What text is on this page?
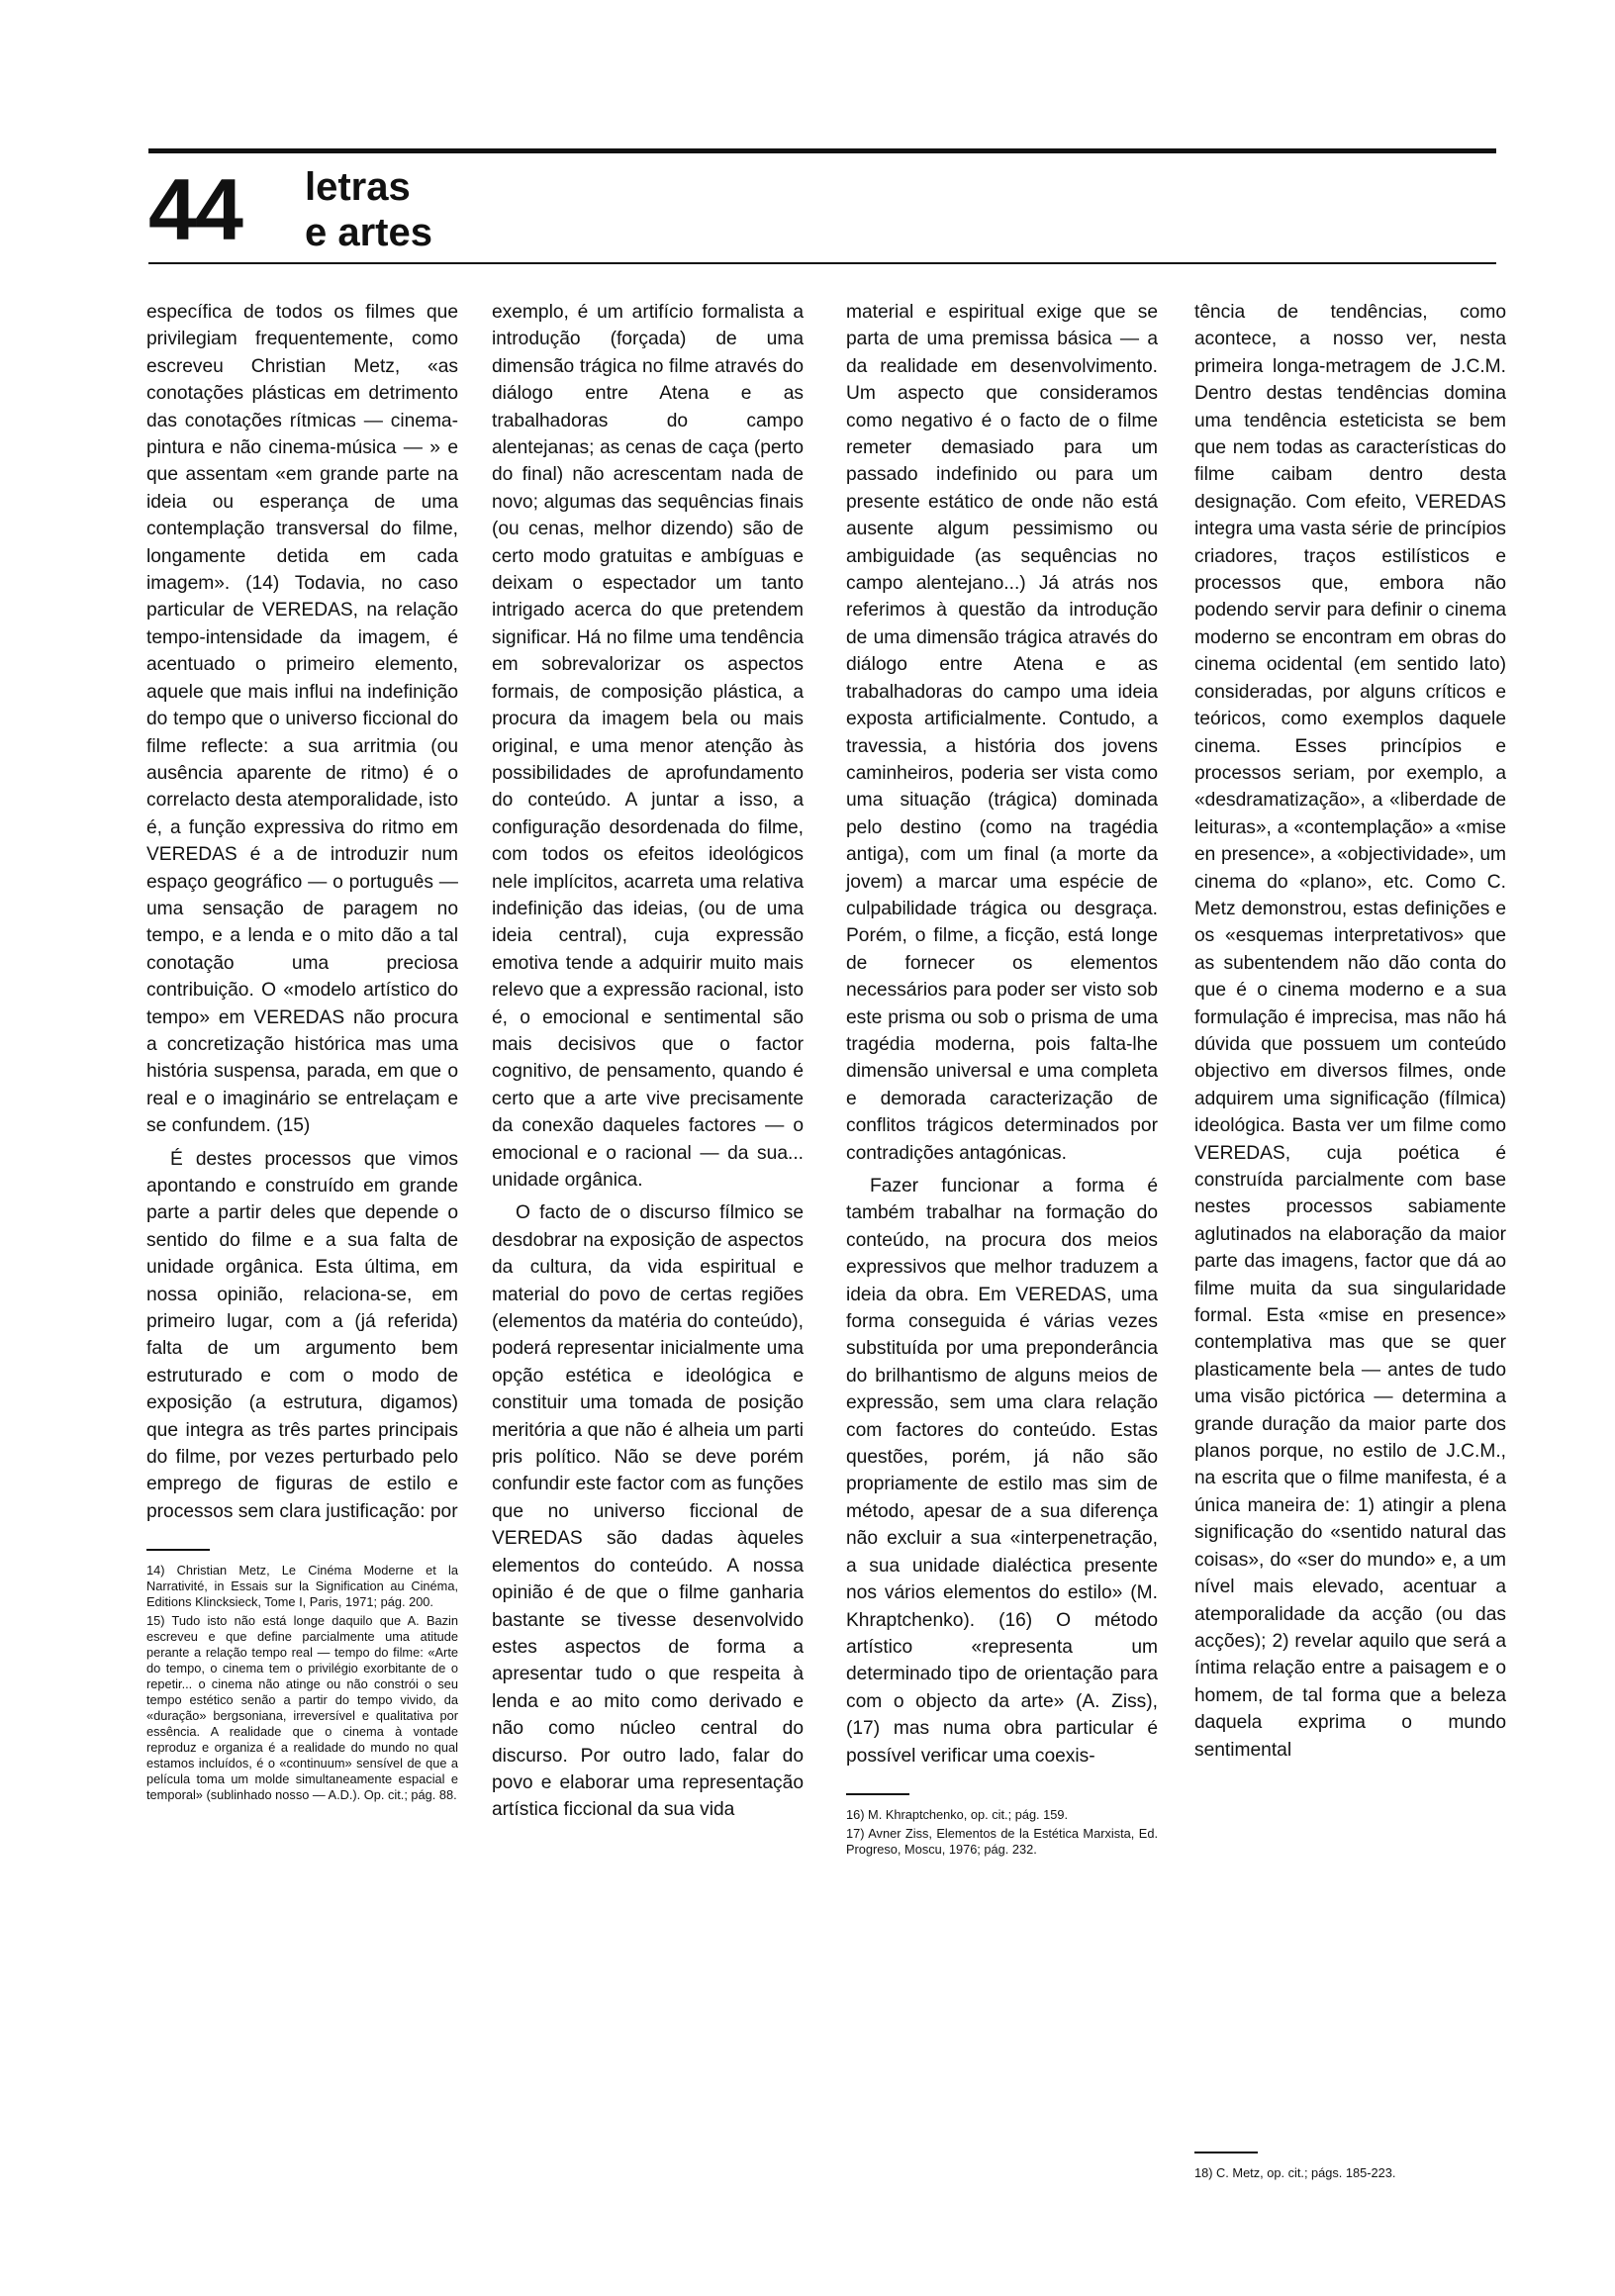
44 letras
e artes

específica de todos os filmes que privilegiam frequentemente, como escreveu Christian Metz, «as conotações plásticas em detrimento das conotações rítmicas — cinema-pintura e não cinema-música — » e que assentam «em grande parte na ideia ou esperança de uma contemplação transversal do filme, longamente detida em cada imagem». (14) Todavia, no caso particular de VEREDAS, na relação tempo-intensidade da imagem, é acentuado o primeiro elemento, aquele que mais influi na indefinição do tempo que o universo ficcional do filme reflecte: a sua arritmia (ou ausência aparente de ritmo) é o correlacto desta atemporalidade, isto é, a função expressiva do ritmo em VEREDAS é a de introduzir num espaço geográfico — o português — uma sensação de paragem no tempo, e a lenda e o mito dão a tal conotação uma preciosa contribuição. O «modelo artístico do tempo» em VEREDAS não procura a concretização histórica mas uma história suspensa, parada, em que o real e o imaginário se entrelaçam e se confundem. (15)

É destes processos que vimos apontando e construído em grande parte a partir deles que depende o sentido do filme e a sua falta de unidade orgânica. Esta última, em nossa opinião, relaciona-se, em primeiro lugar, com a (já referida) falta de um argumento bem estruturado e com o modo de exposição (a estrutura, digamos) que integra as três partes principais do filme, por vezes perturbado pelo emprego de figuras de estilo e processos sem clara justificação: por

14) Christian Metz, Le Cinéma Moderne et la Narrativité, in Essais sur la Signification au Cinéma, Editions Klincksieck, Tome I, Paris, 1971; pág. 200.

15) Tudo isto não está longe daquilo que A. Bazin escreveu e que define parcialmente uma atitude perante a relação tempo real — tempo do filme: «Arte do tempo, o cinema tem o privilégio exorbitante de o repetir... o cinema não atinge ou não constrói o seu tempo estético senão a partir do tempo vivido, da «duração» bergsoniana, irreversível e qualitativa por essência. A realidade que o cinema à vontade reproduz e organiza é a realidade do mundo no qual estamos incluídos, é o «continuum» sensível de que a película toma um molde simultaneamente espacial e temporal» (sublinhado nosso — A.D.). Op. cit.; pág. 88.

exemplo, é um artifício formalista a introdução (forçada) de uma dimensão trágica no filme através do diálogo entre Atena e as trabalhadoras do campo alentejanas; as cenas de caça (perto do final) não acrescentam nada de novo; algumas das sequências finais (ou cenas, melhor dizendo) são de certo modo gratuitas e ambíguas e deixam o espectador um tanto intrigado acerca do que pretendem significar. Há no filme uma tendência em sobrevalorizar os aspectos formais, de composição plástica, a procura da imagem bela ou mais original, e uma menor atenção às possibilidades de aprofundamento do conteúdo. A juntar a isso, a configuração desordenada do filme, com todos os efeitos ideológicos nele implícitos, acarreta uma relativa indefinição das ideias, (ou de uma ideia central), cuja expressão emotiva tende a adquirir muito mais relevo que a expressão racional, isto é, o emocional e sentimental são mais decisivos que o factor cognitivo, de pensamento, quando é certo que a arte vive precisamente da conexão daqueles factores — o emocional e o racional — da sua... unidade orgânica.

O facto de o discurso fílmico se desdobrar na exposição de aspectos da cultura, da vida espiritual e material do povo de certas regiões (elementos da matéria do conteúdo), poderá representar inicialmente uma opção estética e ideológica e constituir uma tomada de posição meritória a que não é alheia um parti pris político. Não se deve porém confundir este factor com as funções que no universo ficcional de VEREDAS são dadas àqueles elementos do conteúdo. A nossa opinião é de que o filme ganharia bastante se tivesse desenvolvido estes aspectos de forma a apresentar tudo o que respeita à lenda e ao mito como derivado e não como núcleo central do discurso. Por outro lado, falar do povo e elaborar uma representação artística ficcional da sua vida

material e espiritual exige que se parta de uma premissa básica — a da realidade em desenvolvimento. Um aspecto que consideramos como negativo é o facto de o filme remeter demasiado para um passado indefinido ou para um presente estático de onde não está ausente algum pessimismo ou ambiguidade (as sequências no campo alentejano...) Já atrás nos referimos à questão da introdução de uma dimensão trágica através do diálogo entre Atena e as trabalhadoras do campo uma ideia exposta artificialmente. Contudo, a travessia, a história dos jovens caminheiros, poderia ser vista como uma situação (trágica) dominada pelo destino (como na tragédia antiga), com um final (a morte da jovem) a marcar uma espécie de culpabilidade trágica ou desgraça. Porém, o filme, a ficção, está longe de fornecer os elementos necessários para poder ser visto sob este prisma ou sob o prisma de uma tragédia moderna, pois falta-lhe dimensão universal e uma completa e demorada caracterização de conflitos trágicos determinados por contradições antagónicas.

Fazer funcionar a forma é também trabalhar na formação do conteúdo, na procura dos meios expressivos que melhor traduzem a ideia da obra. Em VEREDAS, uma forma conseguida é várias vezes substituída por uma preponderância do brilhantismo de alguns meios de expressão, sem uma clara relação com factores do conteúdo. Estas questões, porém, já não são propriamente de estilo mas sim de método, apesar de a sua diferença não excluir a sua «interpenetração, a sua unidade dialéctica presente nos vários elementos do estilo» (M. Khraptchenko). (16) O método artístico «representa um determinado tipo de orientação para com o objecto da arte» (A. Ziss), (17) mas numa obra particular é possível verificar uma coexis-

16) M. Khraptchenko, op. cit.; pág. 159.

17) Avner Ziss, Elementos de la Estética Marxista, Ed. Progreso, Moscu, 1976; pág. 232.

tência de tendências, como acontece, a nosso ver, nesta primeira longa-metragem de J.C.M. Dentro destas tendências domina uma tendência esteticista se bem que nem todas as características do filme caibam dentro desta designação. Com efeito, VEREDAS integra uma vasta série de princípios criadores, traços estilísticos e processos que, embora não podendo servir para definir o cinema moderno se encontram em obras do cinema ocidental (em sentido lato) consideradas, por alguns críticos e teóricos, como exemplos daquele cinema. Esses princípios e processos seriam, por exemplo, a «desdramatização», a «liberdade de leituras», a «contemplação» a «mise en presence», a «objectividade», um cinema do «plano», etc. Como C. Metz demonstrou, estas definições e os «esquemas interpretativos» que as subentendem não dão conta do que é o cinema moderno e a sua formulação é imprecisa, mas não há dúvida que possuem um conteúdo objectivo em diversos filmes, onde adquirem uma significação (fílmica) ideológica. Basta ver um filme como VEREDAS, cuja poética é construída parcialmente com base nestes processos sabiamente aglutinados na elaboração da maior parte das imagens, factor que dá ao filme muita da sua singularidade formal. Esta «mise en presence» contemplativa mas que se quer plasticamente bela — antes de tudo uma visão pictórica — determina a grande duração da maior parte dos planos porque, no estilo de J.C.M., na escrita que o filme manifesta, é a única maneira de: 1) atingir a plena significação do «sentido natural das coisas», do «ser do mundo» e, a um nível mais elevado, acentuar a atemporalidade da acção (ou das acções); 2) revelar aquilo que será a íntima relação entre a paisagem e o homem, de tal forma que a beleza daquela exprima o mundo sentimental

18) C. Metz, op. cit.; págs. 185-223.
